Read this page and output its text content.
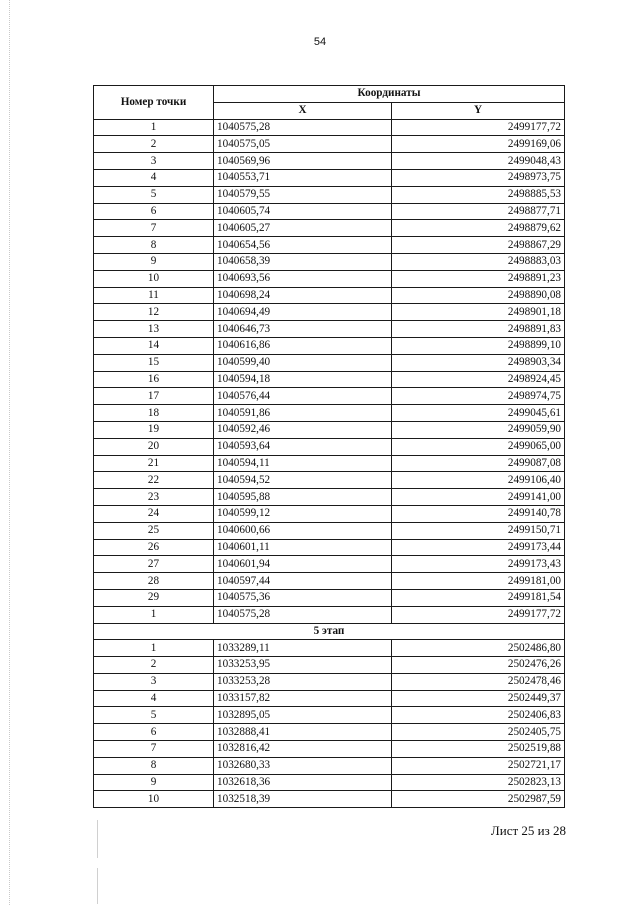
54
Номер точки	Координаты	
	X	Y
1	1040575,28	2499177,72
2	1040575,05	2499169,06
3	1040569,96	2499048,43
4	1040553,71	2498973,75
5	1040579,55	2498885,53
6	1040605,74	2498877,71
7	1040605,27	2498879,62
8	1040654,56	2498867,29
9	1040658,39	2498883,03
10	1040693,56	2498891,23
11	1040698,24	2498890,08
12	1040694,49	2498901,18
13	1040646,73	2498891,83
14	1040616,86	2498899,10
15	1040599,40	2498903,34
16	1040594,18	2498924,45
17	1040576,44	2498974,75
18	1040591,86	2499045,61
19	1040592,46	2499059,90
20	1040593,64	2499065,00
21	1040594,11	2499087,08
22	1040594,52	2499106,40
23	1040595,88	2499141,00
24	1040599,12	2499140,78
25	1040600,66	2499150,71
26	1040601,11	2499173,44
27	1040601,94	2499173,43
28	1040597,44	2499181,00
29	1040575,36	2499181,54
1	1040575,28	2499177,72
5 этап		
1	1033289,11	2502486,80
2	1033253,95	2502476,26
3	1033253,28	2502478,46
4	1033157,82	2502449,37
5	1032895,05	2502406,83
6	1032888,41	2502405,75
7	1032816,42	2502519,88
8	1032680,33	2502721,17
9	1032618,36	2502823,13
10	1032518,39	2502987,59
Лист 25 из 28
